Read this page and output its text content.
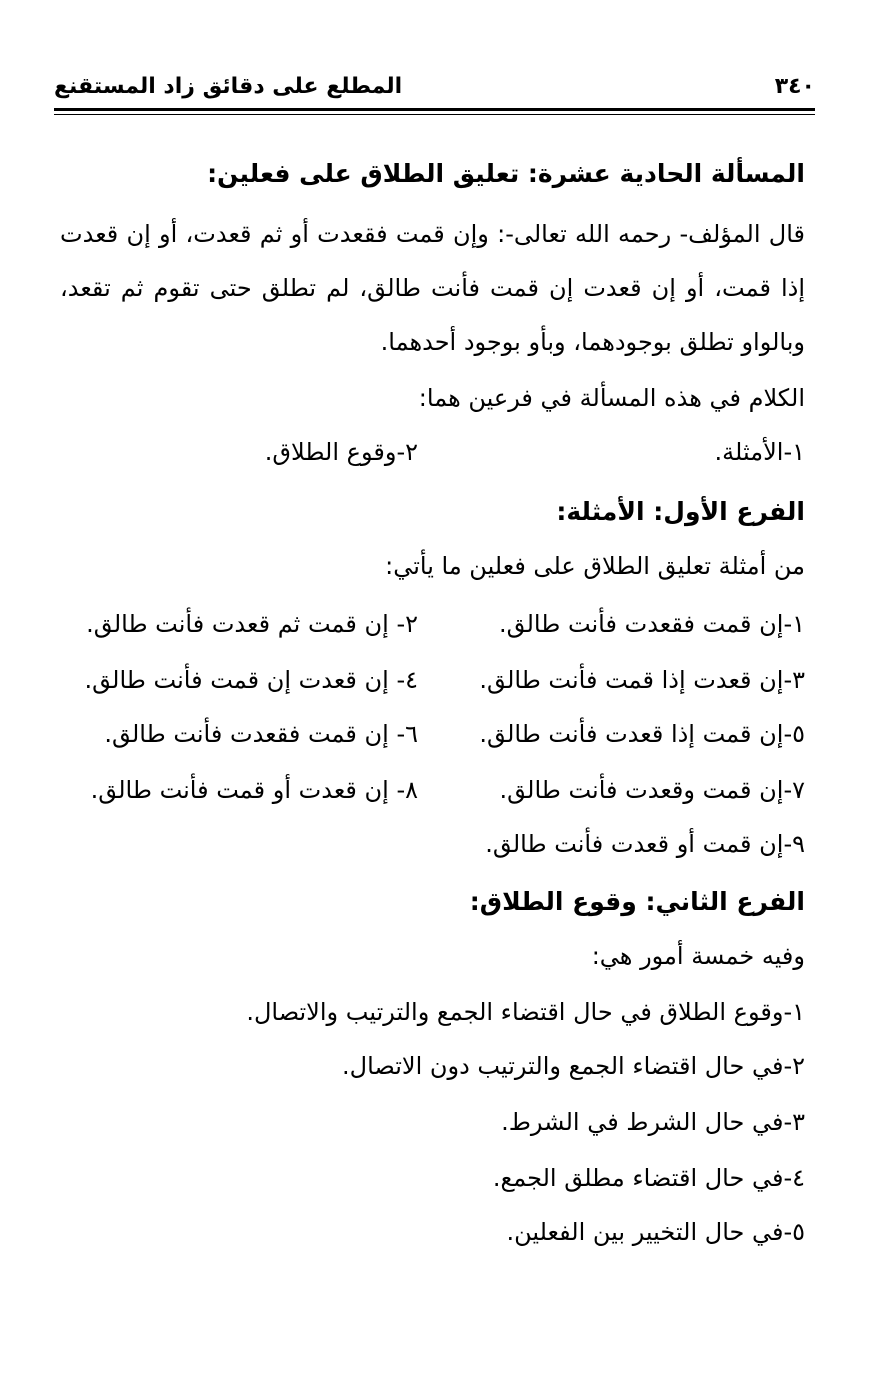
٣٤٠
المطلع على دقائق زاد المستقنع
المسألة الحادية عشرة: تعليق الطلاق على فعلين:
قال المؤلف- رحمه الله تعالى-: وإن قمت فقعدت أو ثم قعدت، أو إن قعدت
إذا قمت، أو إن قعدت إن قمت فأنت طالق، لم تطلق حتى تقوم ثم تقعد،
وبالواو تطلق بوجودهما، وبأو بوجود أحدهما.
الكلام في هذه المسألة في فرعين هما:
١-الأمثلة.
٢-وقوع الطلاق.
الفرع الأول: الأمثلة:
من أمثلة تعليق الطلاق على فعلين ما يأتي:
١-إن قمت فقعدت فأنت طالق.
٢- إن قمت ثم قعدت فأنت طالق.
٣-إن قعدت إذا قمت فأنت طالق.
٤- إن قعدت إن قمت فأنت طالق.
٥-إن قمت إذا قعدت فأنت طالق.
٦- إن قمت فقعدت فأنت طالق.
٧-إن قمت وقعدت فأنت طالق.
٨- إن قعدت أو قمت فأنت طالق.
٩-إن قمت أو قعدت فأنت طالق.
الفرع الثاني: وقوع الطلاق:
وفيه خمسة أمور هي:
١-وقوع الطلاق في حال اقتضاء الجمع والترتيب والاتصال.
٢-في حال اقتضاء الجمع والترتيب دون الاتصال.
٣-في حال الشرط في الشرط.
٤-في حال اقتضاء مطلق الجمع.
٥-في حال التخيير بين الفعلين.
